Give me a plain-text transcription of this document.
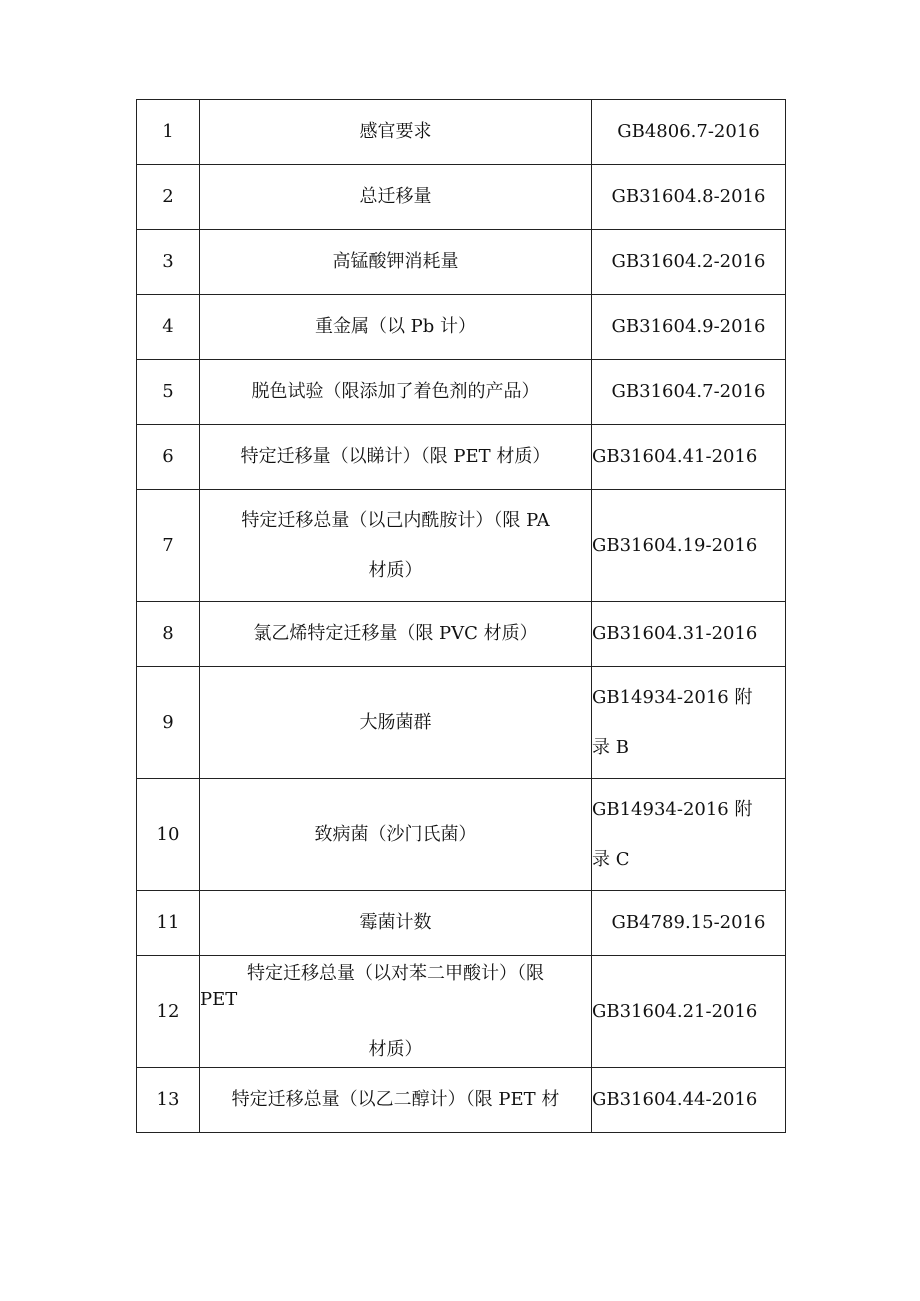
1	感官要求	GB4806.7-2016

2	总迁移量	GB31604.8-2016

3	高锰酸钾消耗量	GB31604.2-2016

4	重金属（以 Pb 计）	GB31604.9-2016

5	脱色试验（限添加了着色剂的产品）	GB31604.7-2016

6	特定迁移量（以睇计）（限 PET 材质）	GB31604.41-2016

7	特定迁移总量（以己内酰胺计）（限 PA
材质）	GB31604.19-2016

8	氯乙烯特定迁移量（限 PVC 材质）	GB31604.31-2016

9	大肠菌群	GB14934-2016 附
录 B

10	致病菌（沙门氏菌）	GB14934-2016 附
录 C

11	霉菌计数	GB4789.15-2016

12	特定迁移总量（以对苯二甲酸计）（限
PET
材质）	GB31604.21-2016

13	特定迁移总量（以乙二醇计）（限 PET 材	GB31604.44-2016
